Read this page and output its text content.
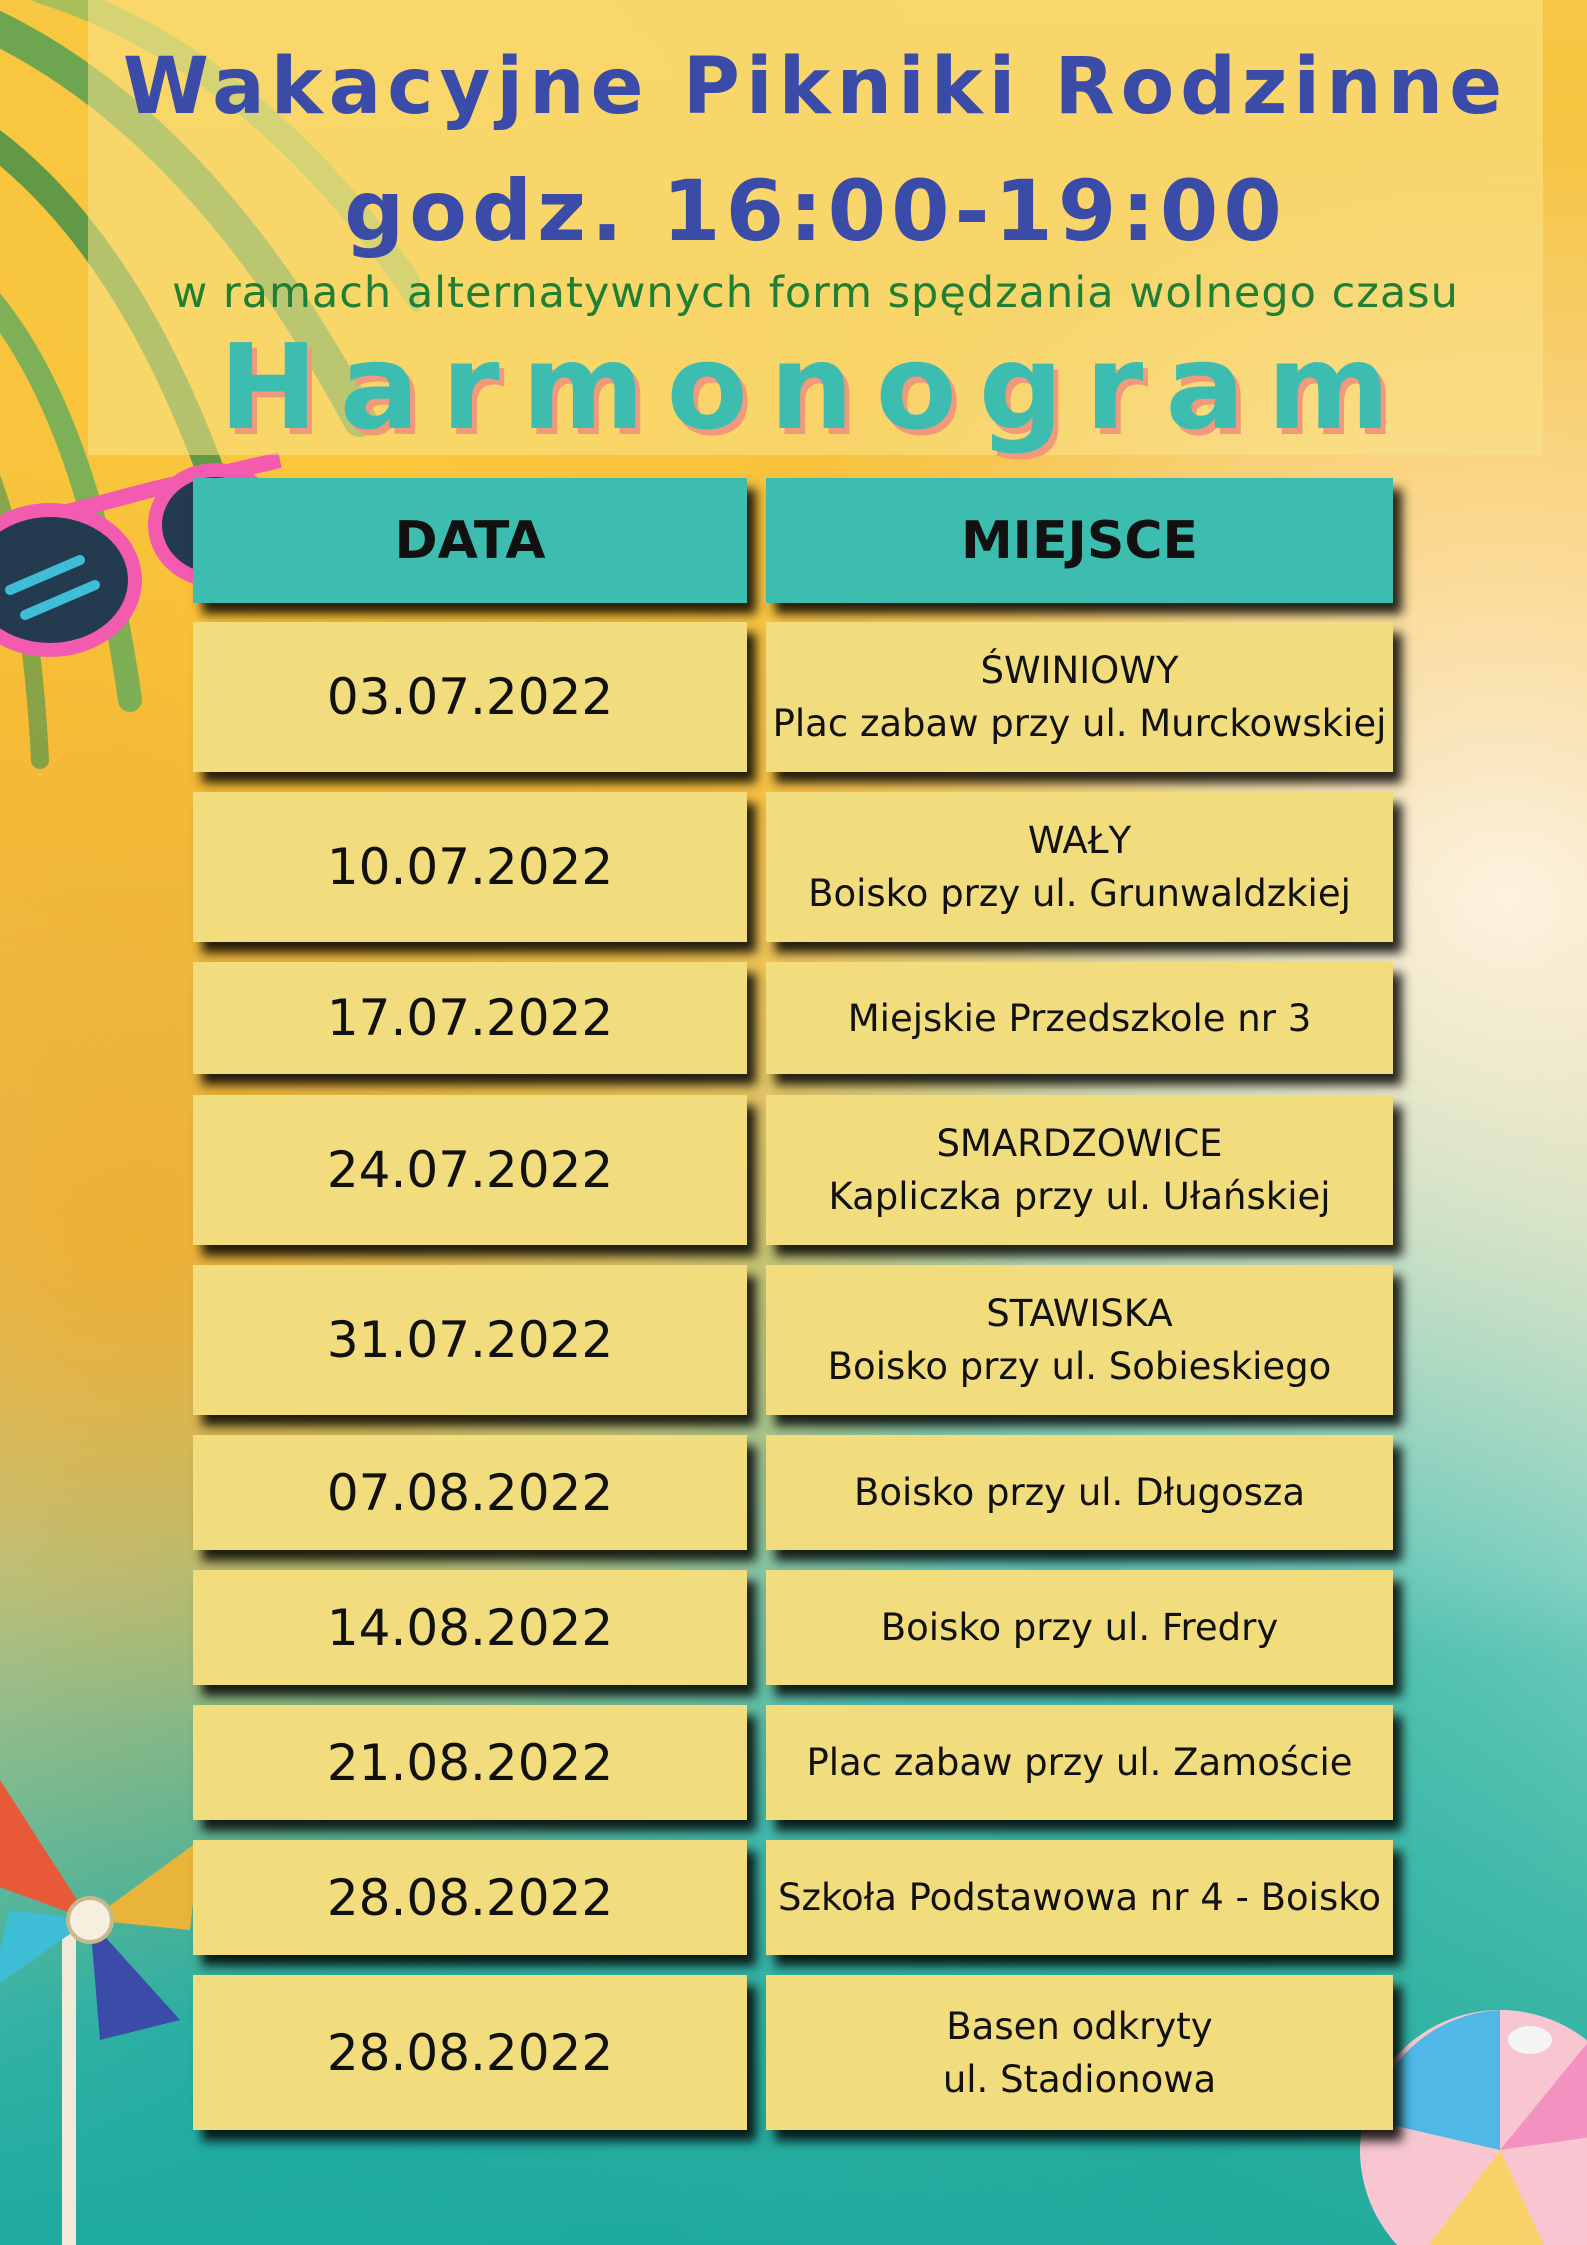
Wakacyjne Pikniki Rodzinne
godz. 16:00-19:00
w ramach alternatywnych form spędzania wolnego czasu
Harmonogram
DATA	MIEJSCE
03.07.2022	ŚWINIOWY
Plac zabaw przy ul. Murckowskiej
10.07.2022	WAŁY
Boisko przy ul. Grunwaldzkiej
17.07.2022	Miejskie Przedszkole nr 3
24.07.2022	SMARDZOWICE
Kapliczka przy ul. Ułańskiej
31.07.2022	STAWISKA
Boisko przy ul. Sobieskiego
07.08.2022	Boisko przy ul. Długosza
14.08.2022	Boisko przy ul. Fredry
21.08.2022	Plac zabaw przy ul. Zamoście
28.08.2022	Szkoła Podstawowa nr 4 - Boisko
28.08.2022	Basen odkryty
ul. Stadionowa
